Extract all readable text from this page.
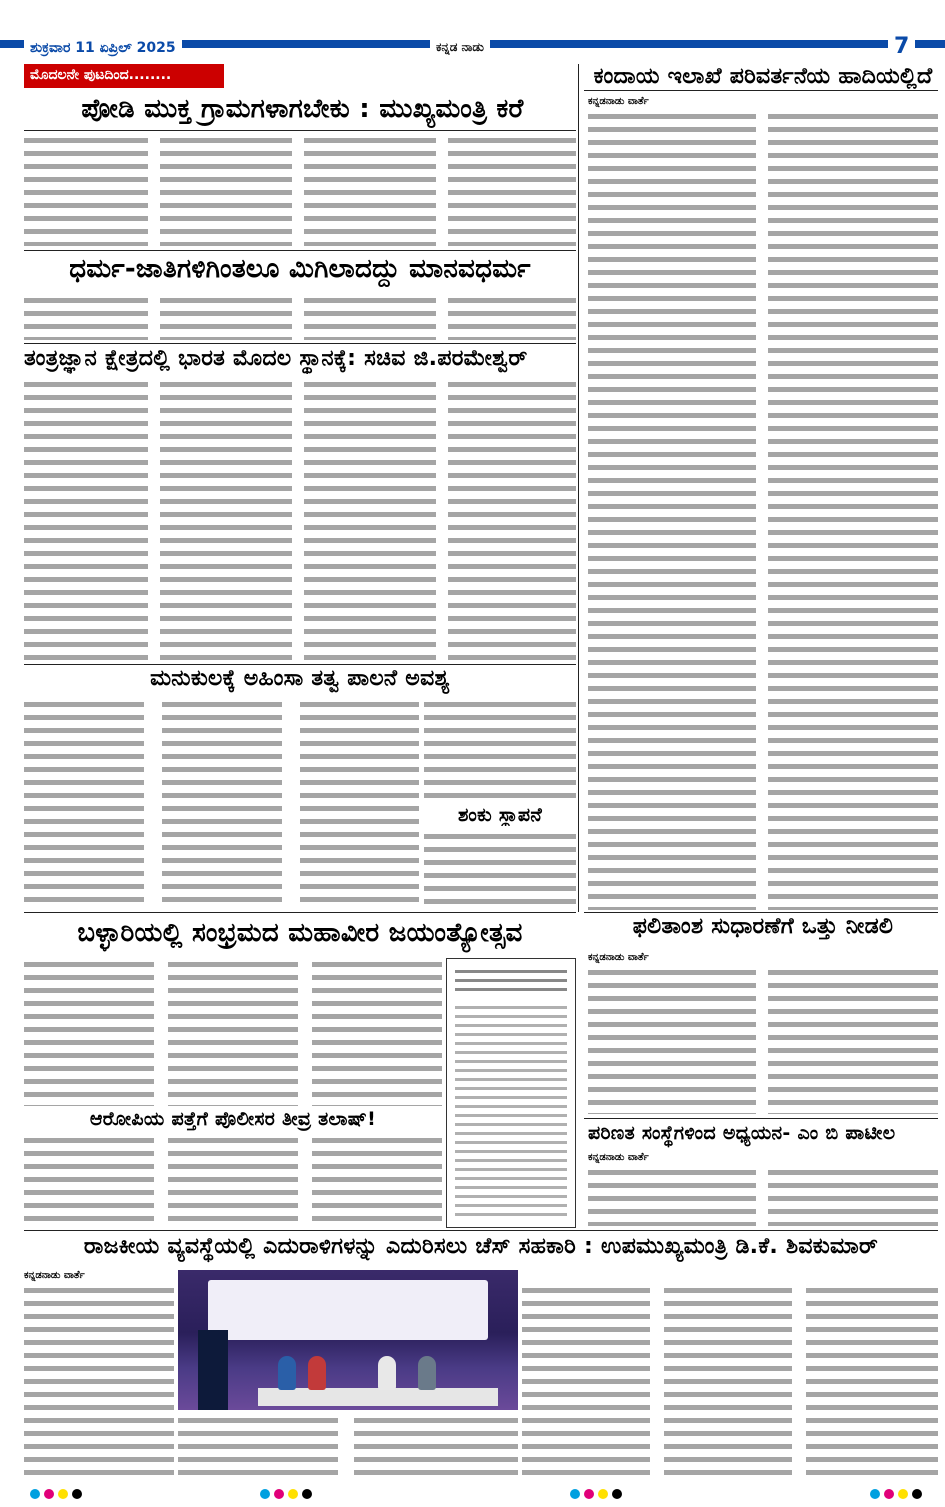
ಶುಕ್ರವಾರ 11 ಏಪ್ರಿಲ್ 2025	ಕನ್ನಡ ನಾಡು	7
ಮೊದಲನೇ ಪುಟದಿಂದ........
ಪೋಡಿ ಮುಕ್ತ ಗ್ರಾಮಗಳಾಗಬೇಕು : ಮುಖ್ಯಮಂತ್ರಿ ಕರೆ
ಕಂದಾಯ ಇಲಾಖೆ ಪರಿವರ್ತನೆಯ ಹಾದಿಯಲ್ಲಿದೆ
ಕನ್ನಡನಾಡು ವಾರ್ತೆ
ಧರ್ಮ-ಜಾತಿಗಳಿಗಿಂತಲೂ ಮಿಗಿಲಾದದ್ದು ಮಾನವಧರ್ಮ
ತಂತ್ರಜ್ಞಾನ ಕ್ಷೇತ್ರದಲ್ಲಿ ಭಾರತ ಮೊದಲ ಸ್ಥಾನಕ್ಕೆ: ಸಚಿವ ಜಿ.ಪರಮೇಶ್ವರ್
ಮನುಕುಲಕ್ಕೆ ಅಹಿಂಸಾ ತತ್ವ ಪಾಲನೆ ಅವಶ್ಯ
ಶಂಕು ಸ್ಥಾಪನೆ
ಫಲಿತಾಂಶ ಸುಧಾರಣೆಗೆ ಒತ್ತು ನೀಡಲಿ
ಕನ್ನಡನಾಡು ವಾರ್ತೆ
ಬಳ್ಳಾರಿಯಲ್ಲಿ ಸಂಭ್ರಮದ ಮಹಾವೀರ ಜಯಂತ್ಯೋತ್ಸವ
ಪರಿಣತ ಸಂಸ್ಥೆಗಳಿಂದ ಅಧ್ಯಯನ- ಎಂ ಬಿ ಪಾಟೀಲ
ಕನ್ನಡನಾಡು ವಾರ್ತೆ
ಆರೋಪಿಯ ಪತ್ತೆಗೆ ಪೊಲೀಸರ ತೀವ್ರ ತಲಾಷ್!
ರಾಜಕೀಯ ವ್ಯವಸ್ಥೆಯಲ್ಲಿ ಎದುರಾಳಿಗಳನ್ನು ಎದುರಿಸಲು ಚೆಸ್ ಸಹಕಾರಿ : ಉಪಮುಖ್ಯಮಂತ್ರಿ ಡಿ.ಕೆ. ಶಿವಕುಮಾರ್
ಕನ್ನಡನಾಡು ವಾರ್ತೆ
